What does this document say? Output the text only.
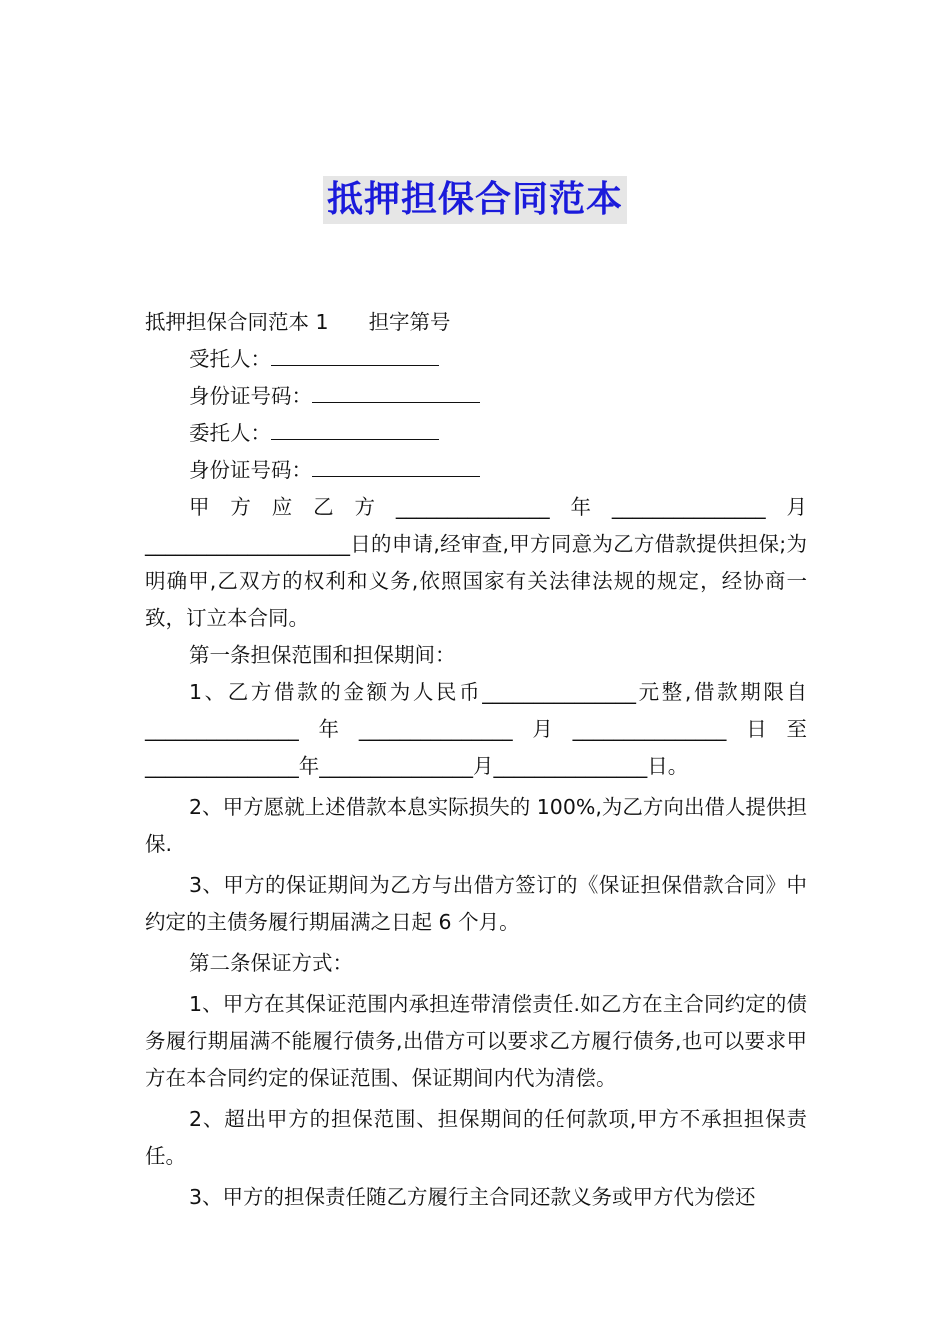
抵押担保合同范本

抵押担保合同范本 1 担字第号

受托人：

身份证号码：

委托人：

身份证号码：

甲方应乙方_______________年_______________月____________________日的申请,经审查,甲方同意为乙方借款提供担保;为明确甲,乙双方的权利和义务,依照国家有关法律法规的规定，经协商一致，订立本合同。

第一条担保范围和担保期间：

1、乙方借款的金额为人民币_______________元整,借款期限自_______________年_______________月_______________日至_______________年_______________月_______________日。

2、甲方愿就上述借款本息实际损失的 100%,为乙方向出借人提供担保.

3、甲方的保证期间为乙方与出借方签订的《保证担保借款合同》中约定的主债务履行期届满之日起 6 个月。

第二条保证方式：

1、甲方在其保证范围内承担连带清偿责任.如乙方在主合同约定的债务履行期届满不能履行债务,出借方可以要求乙方履行债务,也可以要求甲方在本合同约定的保证范围、保证期间内代为清偿。

2、超出甲方的担保范围、担保期间的任何款项,甲方不承担担保责任。

3、甲方的担保责任随乙方履行主合同还款义务或甲方代为偿还
